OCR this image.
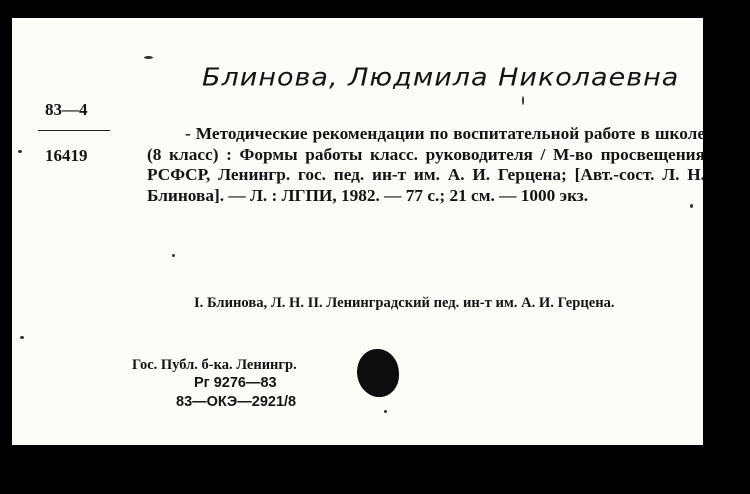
Блинова, Людмила Николаевна
83—4
16419
- Методические рекомендации по воспитательной работе в школе (8 класс) : Формы работы класс. руководителя / М-во просвещения РСФСР, Ленингр. гос. пед. ин-т им. А. И. Герцена; [Авт.-сост. Л. Н. Блинова]. — Л. : ЛГПИ, 1982. — 77 с.; 21 см. — 1000 экз.
I. Блинова, Л. Н. II. Ленинградский пед. ин-т им. А. И. Герцена.
Гос. Публ. б-ка. Ленингр.
Рг 9276—83
83—ОКЭ—2921/8
